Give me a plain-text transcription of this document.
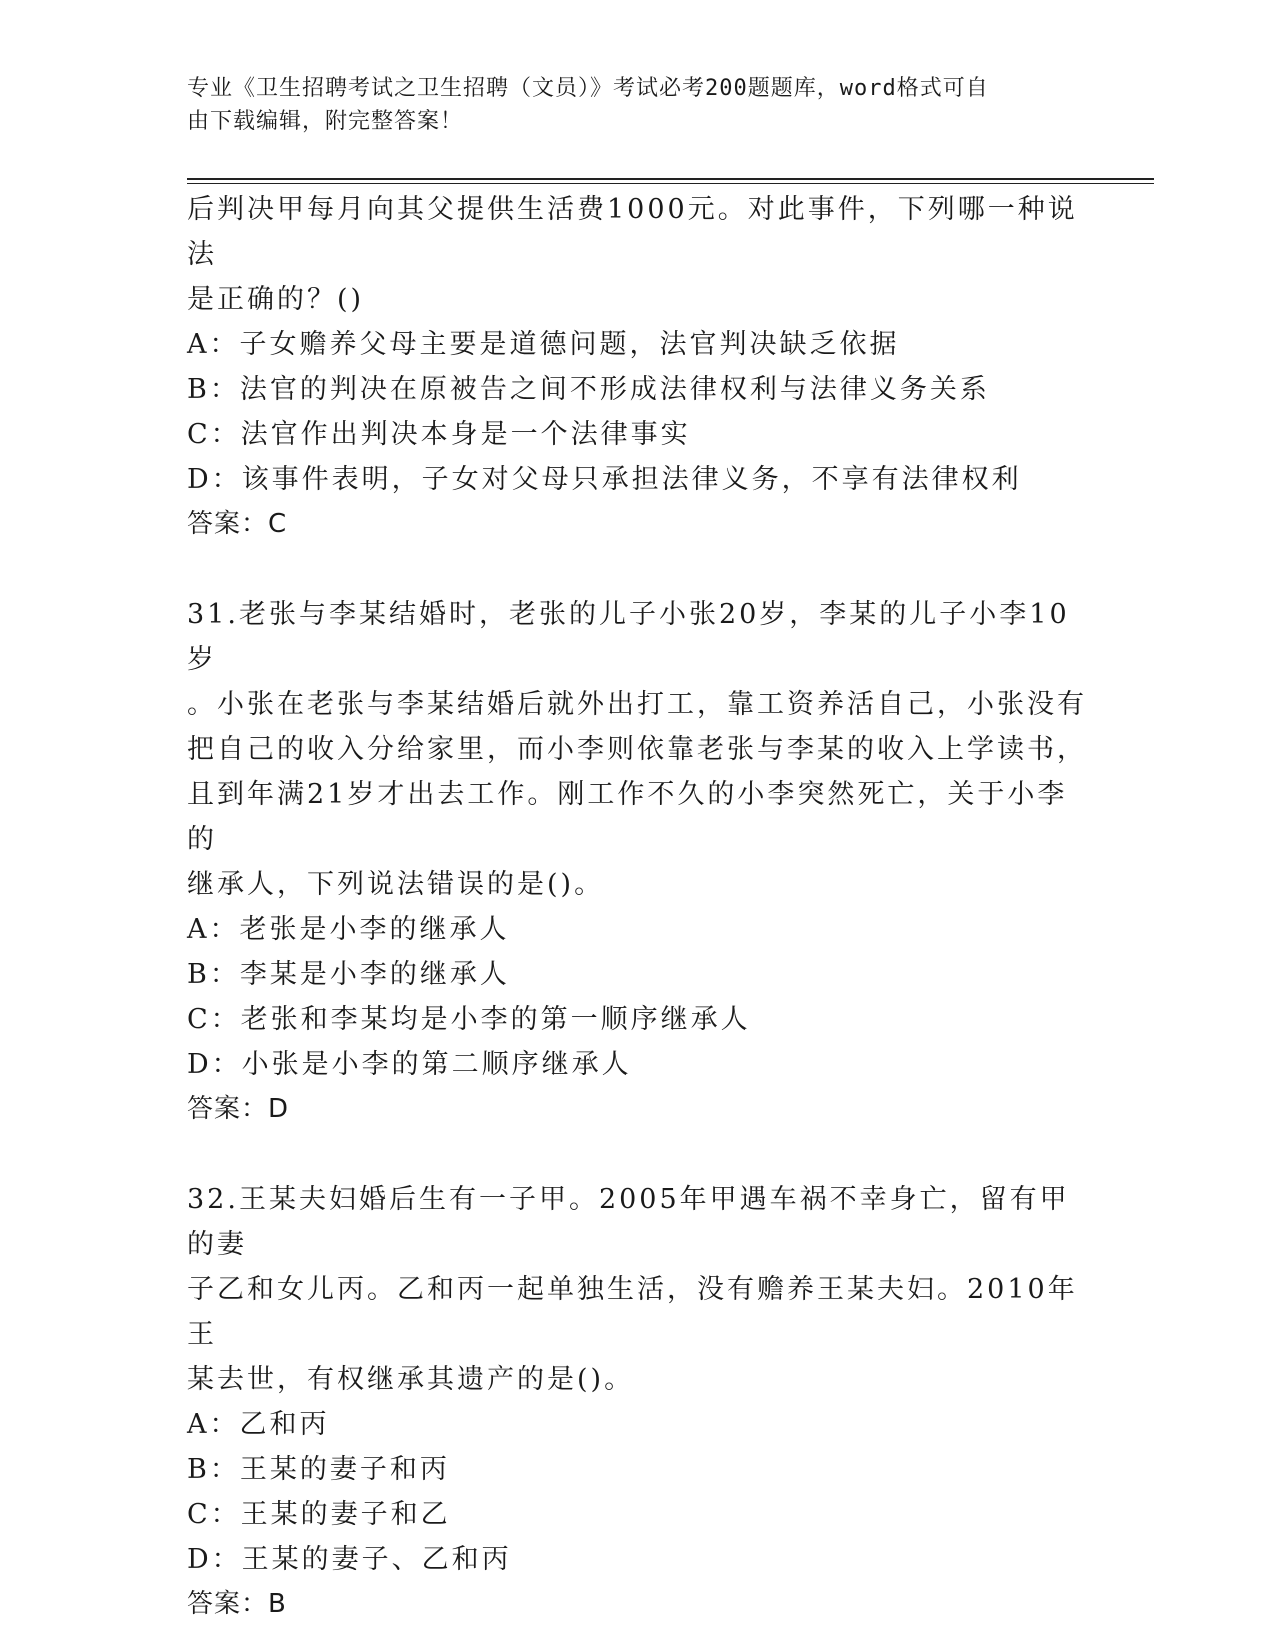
专业《卫生招聘考试之卫生招聘（文员）》考试必考200题题库，word格式可自
由下载编辑，附完整答案！

后判决甲每月向其父提供生活费1000元。对此事件，下列哪一种说法

是正确的？()

A：子女赡养父母主要是道德问题，法官判决缺乏依据

B：法官的判决在原被告之间不形成法律权利与法律义务关系

C：法官作出判决本身是一个法律事实

D：该事件表明，子女对父母只承担法律义务，不享有法律权利

答案：C

31.老张与李某结婚时，老张的儿子小张20岁，李某的儿子小李10岁

。小张在老张与李某结婚后就外出打工，靠工资养活自己，小张没有

把自己的收入分给家里，而小李则依靠老张与李某的收入上学读书，

且到年满21岁才出去工作。刚工作不久的小李突然死亡，关于小李的

继承人，下列说法错误的是()。

A：老张是小李的继承人

B：李某是小李的继承人

C：老张和李某均是小李的第一顺序继承人

D：小张是小李的第二顺序继承人

答案：D

32.王某夫妇婚后生有一子甲。2005年甲遇车祸不幸身亡，留有甲的妻

子乙和女儿丙。乙和丙一起单独生活，没有赡养王某夫妇。2010年王

某去世，有权继承其遗产的是()。

A：乙和丙

B：王某的妻子和丙

C：王某的妻子和乙

D：王某的妻子、乙和丙

答案：B
